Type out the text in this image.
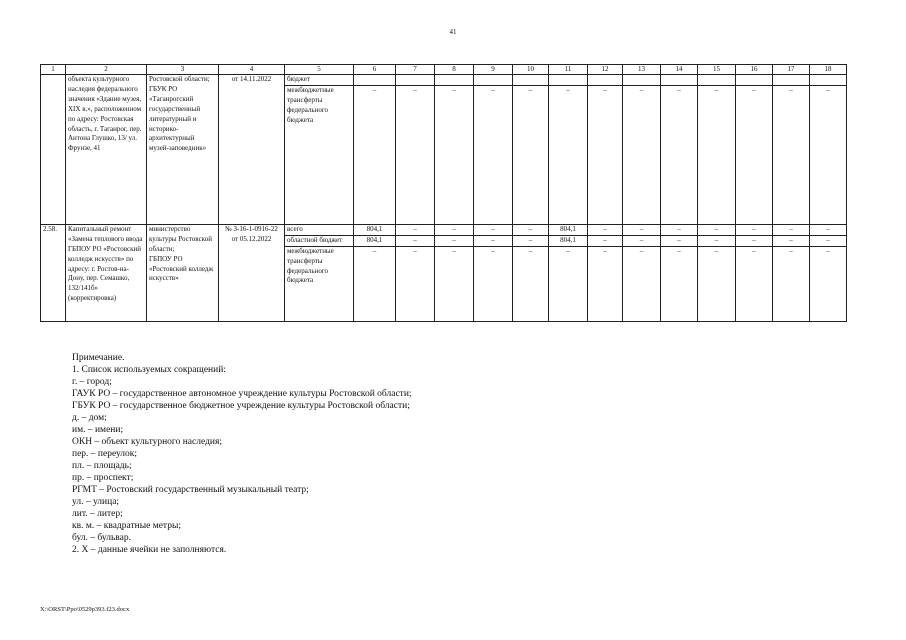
41
1	2	3	4	5	6	7	8	9	10	11	12	13	14	15	16	17	18
	объекта культурного наследия федерального значения «Здание музея, XIX в.», расположенном по адресу: Ростовская область, г. Таганрог, пер. Антона Глушко, 13/ ул. Фрунзе, 41	Ростовской области;
ГБУК РО «Таганрогский государственный литературный и историко-архитектурный музей-заповедник»	от 14.11.2022	бюджет													
				межбюджетные трансферты федерального бюджета	–	–	–	–	–	–	–	–	–	–	–	–	–
2.58.	Капитальный ремонт «Замена теплового ввода ГБПОУ РО «Ростовский колледж искусств» по адресу: г. Ростов-на-Дону, пер. Семашко, 132/141б» (корректировка)	министерство культуры Ростовской области;
ГБПОУ РО «Ростовский колледж искусств»	№ 3-16-1-0916-22
от 05.12.2022	всего	804,1	–	–	–	–	804,1	–	–	–	–	–	–	–
				областной бюджет	804,1	–	–	–	–	804,1	–	–	–	–	–	–	–
				межбюджетные трансферты федерального бюджета	–	–	–	–	–	–	–	–	–	–	–	–	–
Примечание.
1. Список используемых сокращений:
г. – город;
ГАУК РО – государственное автономное учреждение культуры Ростовской области;
ГБУК РО – государственное бюджетное учреждение культуры Ростовской области;
д. – дом;
им. – имени;
ОКН – объект культурного наследия;
пер. – переулок;
пл. – площадь;
пр. – проспект;
РГМТ – Ростовский государственный музыкальный театр;
ул. – улица;
лит. – литер;
кв. м. – квадратные метры;
бул. – бульвар.
2. Х – данные ячейки не заполняются.
X:\ORST\Ppo\0529p393.f23.docx
